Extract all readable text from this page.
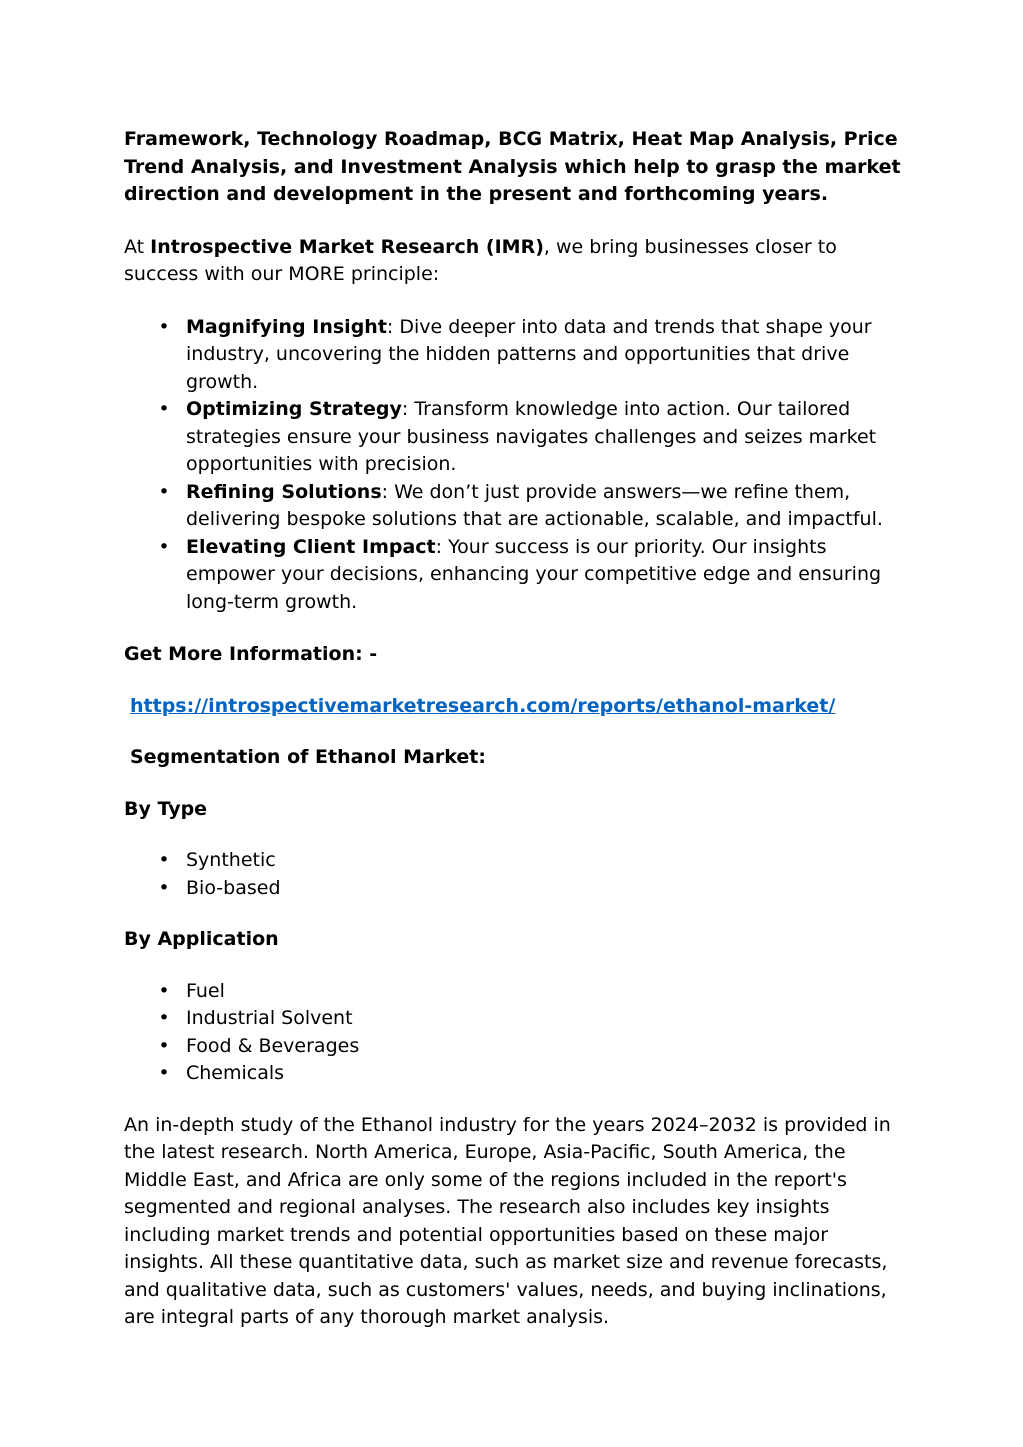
Framework, Technology Roadmap, BCG Matrix, Heat Map Analysis, Price Trend Analysis, and Investment Analysis which help to grasp the market direction and development in the present and forthcoming years.

At Introspective Market Research (IMR), we bring businesses closer to success with our MORE principle:

• Magnifying Insight: Dive deeper into data and trends that shape your industry, uncovering the hidden patterns and opportunities that drive growth.
• Optimizing Strategy: Transform knowledge into action. Our tailored strategies ensure your business navigates challenges and seizes market opportunities with precision.
• Refining Solutions: We don’t just provide answers—we refine them, delivering bespoke solutions that are actionable, scalable, and impactful.
• Elevating Client Impact: Your success is our priority. Our insights empower your decisions, enhancing your competitive edge and ensuring long-term growth.

Get More Information: -

https://introspectivemarketresearch.com/reports/ethanol-market/

Segmentation of Ethanol Market:

By Type

• Synthetic
• Bio-based

By Application

• Fuel
• Industrial Solvent
• Food & Beverages
• Chemicals

An in-depth study of the Ethanol industry for the years 2024–2032 is provided in the latest research. North America, Europe, Asia-Pacific, South America, the Middle East, and Africa are only some of the regions included in the report's segmented and regional analyses. The research also includes key insights including market trends and potential opportunities based on these major insights. All these quantitative data, such as market size and revenue forecasts, and qualitative data, such as customers' values, needs, and buying inclinations, are integral parts of any thorough market analysis.
